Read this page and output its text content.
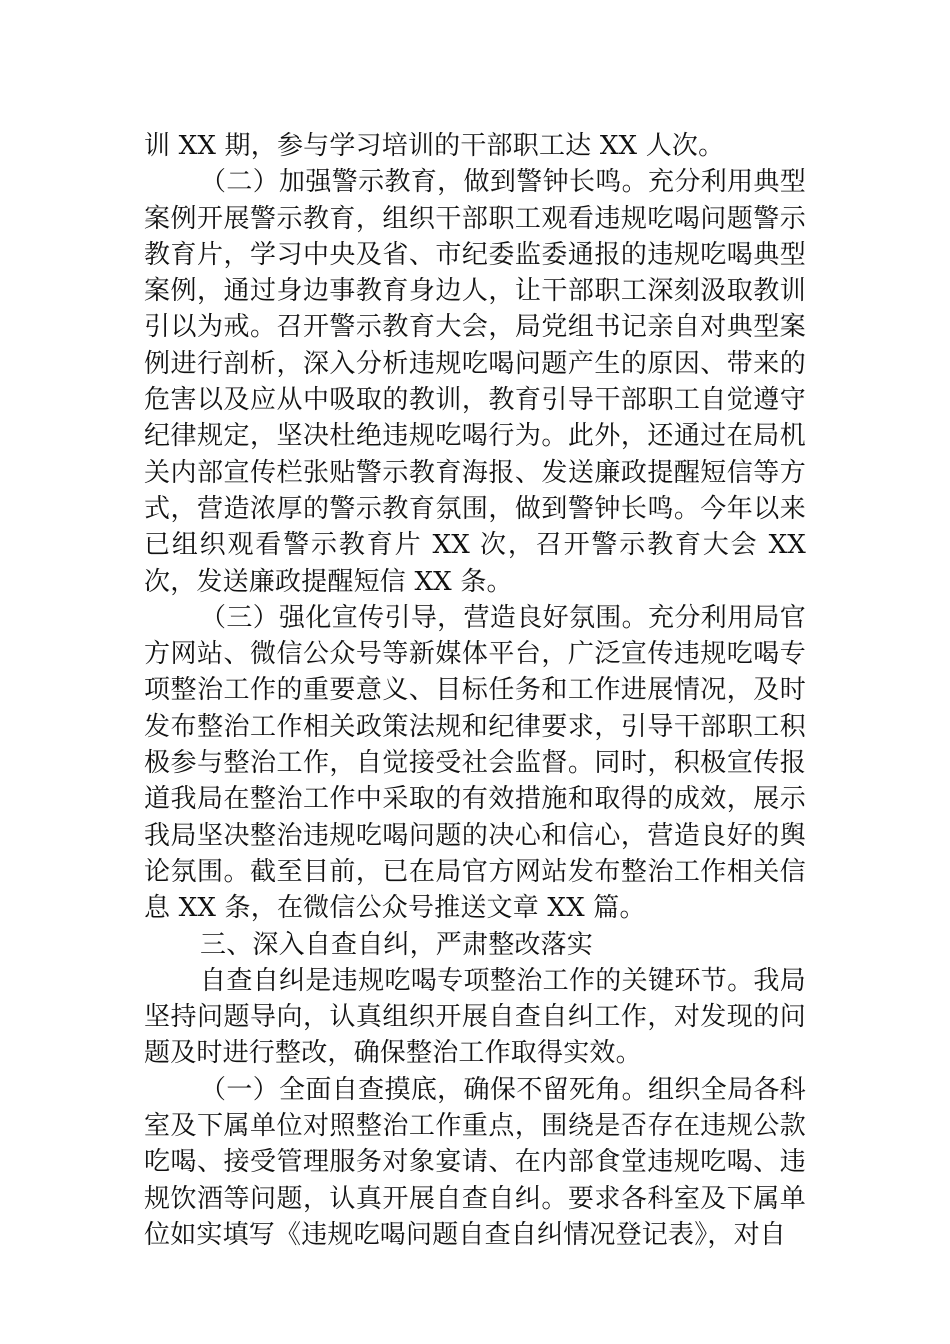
训 XX 期，参与学习培训的干部职工达 XX 人次。

（二）加强警示教育，做到警钟长鸣。充分利用典型案例开展警示教育，组织干部职工观看违规吃喝问题警示教育片，学习中央及省、市纪委监委通报的违规吃喝典型案例，通过身边事教育身边人，让干部职工深刻汲取教训引以为戒。召开警示教育大会，局党组书记亲自对典型案例进行剖析，深入分析违规吃喝问题产生的原因、带来的危害以及应从中吸取的教训，教育引导干部职工自觉遵守纪律规定，坚决杜绝违规吃喝行为。此外，还通过在局机关内部宣传栏张贴警示教育海报、发送廉政提醒短信等方式，营造浓厚的警示教育氛围，做到警钟长鸣。今年以来已组织观看警示教育片 XX 次，召开警示教育大会 XX 次，发送廉政提醒短信 XX 条。

（三）强化宣传引导，营造良好氛围。充分利用局官方网站、微信公众号等新媒体平台，广泛宣传违规吃喝专项整治工作的重要意义、目标任务和工作进展情况，及时发布整治工作相关政策法规和纪律要求，引导干部职工积极参与整治工作，自觉接受社会监督。同时，积极宣传报道我局在整治工作中采取的有效措施和取得的成效，展示我局坚决整治违规吃喝问题的决心和信心，营造良好的舆论氛围。截至目前，已在局官方网站发布整治工作相关信息 XX 条，在微信公众号推送文章 XX 篇。

三、深入自查自纠，严肃整改落实

自查自纠是违规吃喝专项整治工作的关键环节。我局坚持问题导向，认真组织开展自查自纠工作，对发现的问题及时进行整改，确保整治工作取得实效。

（一）全面自查摸底，确保不留死角。组织全局各科室及下属单位对照整治工作重点，围绕是否存在违规公款吃喝、接受管理服务对象宴请、在内部食堂违规吃喝、违规饮酒等问题，认真开展自查自纠。要求各科室及下属单位如实填写《违规吃喝问题自查自纠情况登记表》，对自
